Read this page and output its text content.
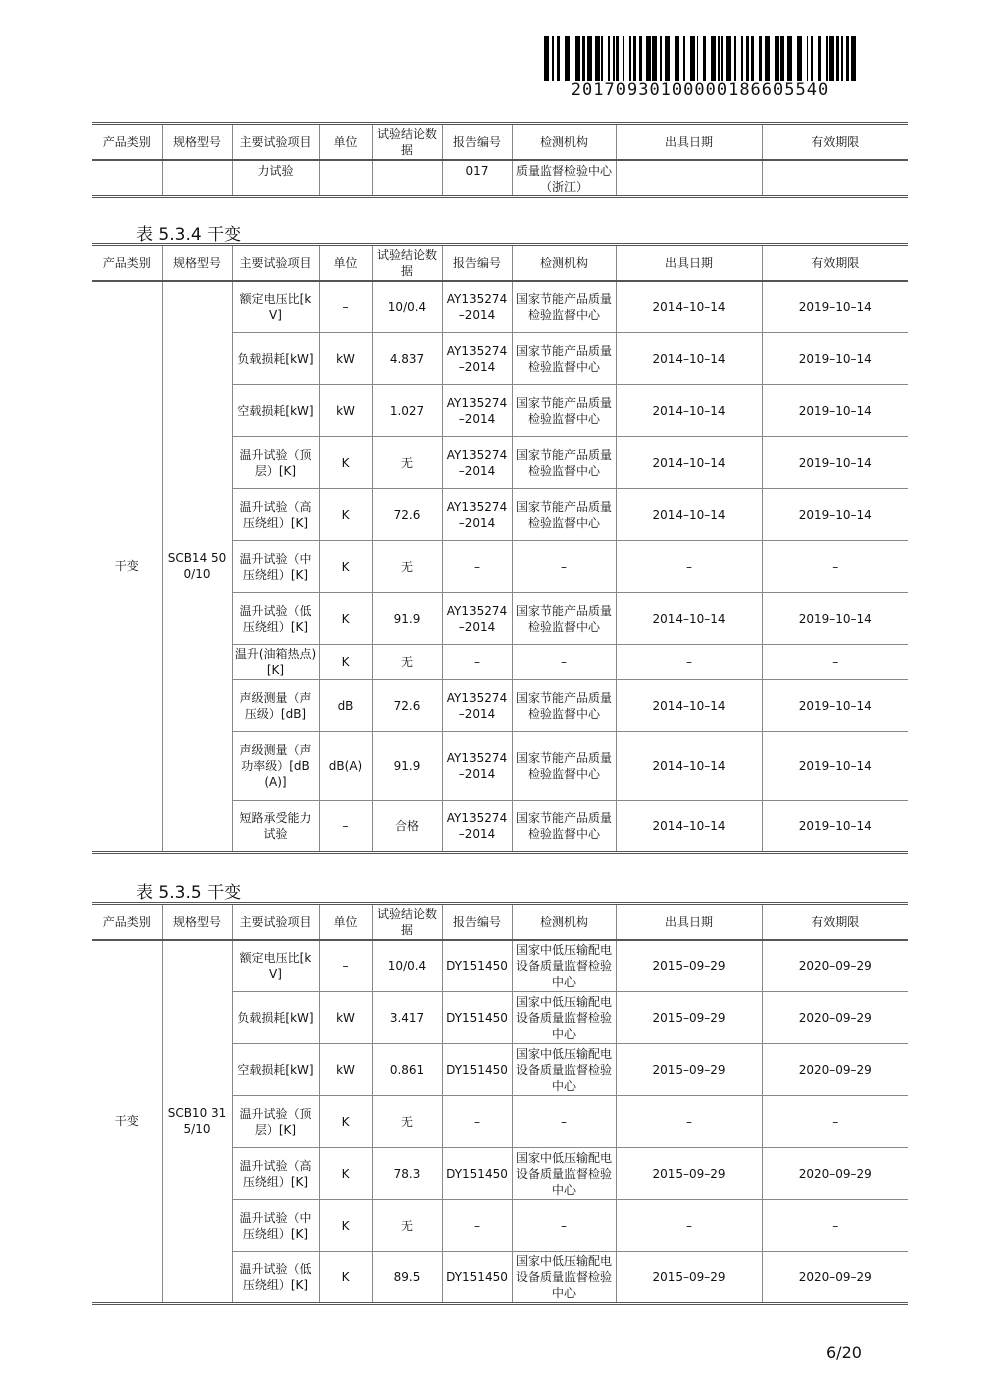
20170930100000186605540
产品类别	规格型号	主要试验项目	单位	试验结论数据	报告编号	检测机构	出具日期	有效期限
		力试验			017	质量监督检验中心（浙江）		
表 5.3.4 干变
产品类别	规格型号	主要试验项目	单位	试验结论数据	报告编号	检测机构	出具日期	有效期限
干变	SCB14 500/10	额定电压比[kV]	–	10/0.4	AY135274–2014	国家节能产品质量检验监督中心	2014–10–14	2019–10–14
		负载损耗[kW]	kW	4.837	AY135274–2014	国家节能产品质量检验监督中心	2014–10–14	2019–10–14
		空载损耗[kW]	kW	1.027	AY135274–2014	国家节能产品质量检验监督中心	2014–10–14	2019–10–14
		温升试验（顶层）[K]	K	无	AY135274–2014	国家节能产品质量检验监督中心	2014–10–14	2019–10–14
		温升试验（高压绕组）[K]	K	72.6	AY135274–2014	国家节能产品质量检验监督中心	2014–10–14	2019–10–14
		温升试验（中压绕组）[K]	K	无	–	–	–	–
		温升试验（低压绕组）[K]	K	91.9	AY135274–2014	国家节能产品质量检验监督中心	2014–10–14	2019–10–14
		温升(油箱热点)[K]	K	无	–	–	–	–
		声级测量（声压级）[dB]	dB	72.6	AY135274–2014	国家节能产品质量检验监督中心	2014–10–14	2019–10–14
		声级测量（声功率级）[dB(A)]	dB(A)	91.9	AY135274–2014	国家节能产品质量检验监督中心	2014–10–14	2019–10–14
		短路承受能力试验	–	合格	AY135274–2014	国家节能产品质量检验监督中心	2014–10–14	2019–10–14
表 5.3.5 干变
产品类别	规格型号	主要试验项目	单位	试验结论数据	报告编号	检测机构	出具日期	有效期限
干变	SCB10 315/10	额定电压比[kV]	–	10/0.4	DY151450	国家中低压输配电设备质量监督检验中心	2015–09–29	2020–09–29
		负载损耗[kW]	kW	3.417	DY151450	国家中低压输配电设备质量监督检验中心	2015–09–29	2020–09–29
		空载损耗[kW]	kW	0.861	DY151450	国家中低压输配电设备质量监督检验中心	2015–09–29	2020–09–29
		温升试验（顶层）[K]	K	无	–	–	–	–
		温升试验（高压绕组）[K]	K	78.3	DY151450	国家中低压输配电设备质量监督检验中心	2015–09–29	2020–09–29
		温升试验（中压绕组）[K]	K	无	–	–	–	–
		温升试验（低压绕组）[K]	K	89.5	DY151450	国家中低压输配电设备质量监督检验中心	2015–09–29	2020–09–29
6/20
